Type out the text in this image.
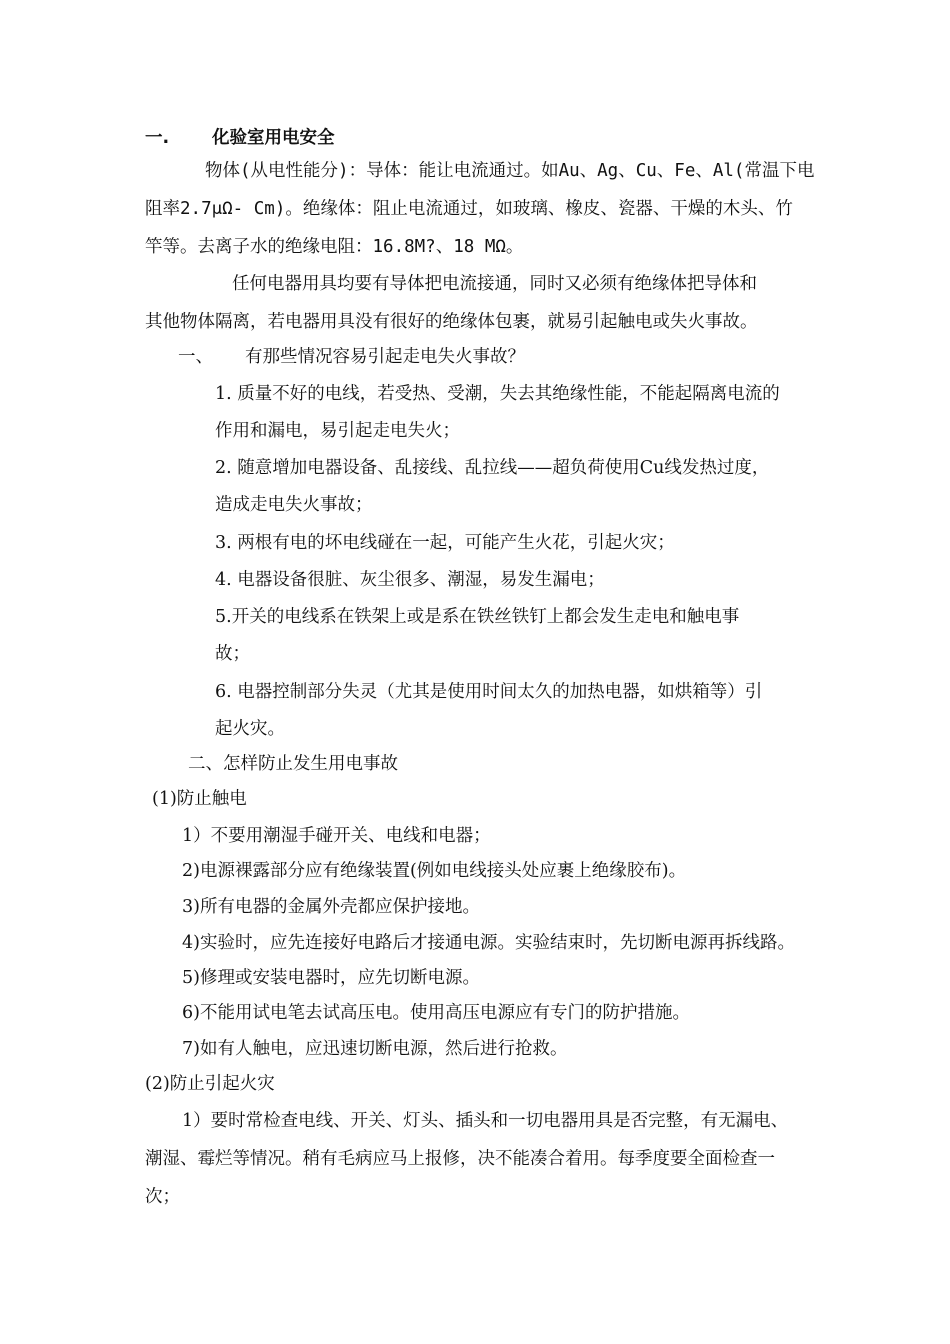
一. 化验室用电安全
物体(从电性能分)：导体：能让电流通过。如Au、Ag、Cu、Fe、Al(常温下电
阻率2.7μΩ- Cm)。绝缘体：阻止电流通过，如玻璃、橡皮、瓷器、干燥的木头、竹
竿等。去离子水的绝缘电阻：16.8M?、18 MΩ。
任何电器用具均要有导体把电流接通，同时又必须有绝缘体把导体和
其他物体隔离，若电器用具没有很好的绝缘体包裹，就易引起触电或失火事故。
一、 有那些情况容易引起走电失火事故？
1. 质量不好的电线，若受热、受潮，失去其绝缘性能，不能起隔离电流的
作用和漏电，易引起走电失火；
2. 随意增加电器设备、乱接线、乱拉线——超负荷使用Cu线发热过度，
造成走电失火事故；
3. 两根有电的坏电线碰在一起，可能产生火花，引起火灾；
4. 电器设备很脏、灰尘很多、潮湿，易发生漏电；
5.开关的电线系在铁架上或是系在铁丝铁钉上都会发生走电和触电事
故；
6. 电器控制部分失灵（尤其是使用时间太久的加热电器，如烘箱等）引
起火灾。
二、怎样防止发生用电事故
(1)防止触电
1）不要用潮湿手碰开关、电线和电器；
2)电源裸露部分应有绝缘装置(例如电线接头处应裹上绝缘胶布)。
3)所有电器的金属外壳都应保护接地。
4)实验时，应先连接好电路后才接通电源。实验结束时，先切断电源再拆线路。
5)修理或安装电器时，应先切断电源。
6)不能用试电笔去试高压电。使用高压电源应有专门的防护措施。
7)如有人触电，应迅速切断电源，然后进行抢救。
(2)防止引起火灾
1）要时常检查电线、开关、灯头、插头和一切电器用具是否完整，有无漏电、
潮湿、霉烂等情况。稍有毛病应马上报修，决不能凑合着用。每季度要全面检查一
次；
